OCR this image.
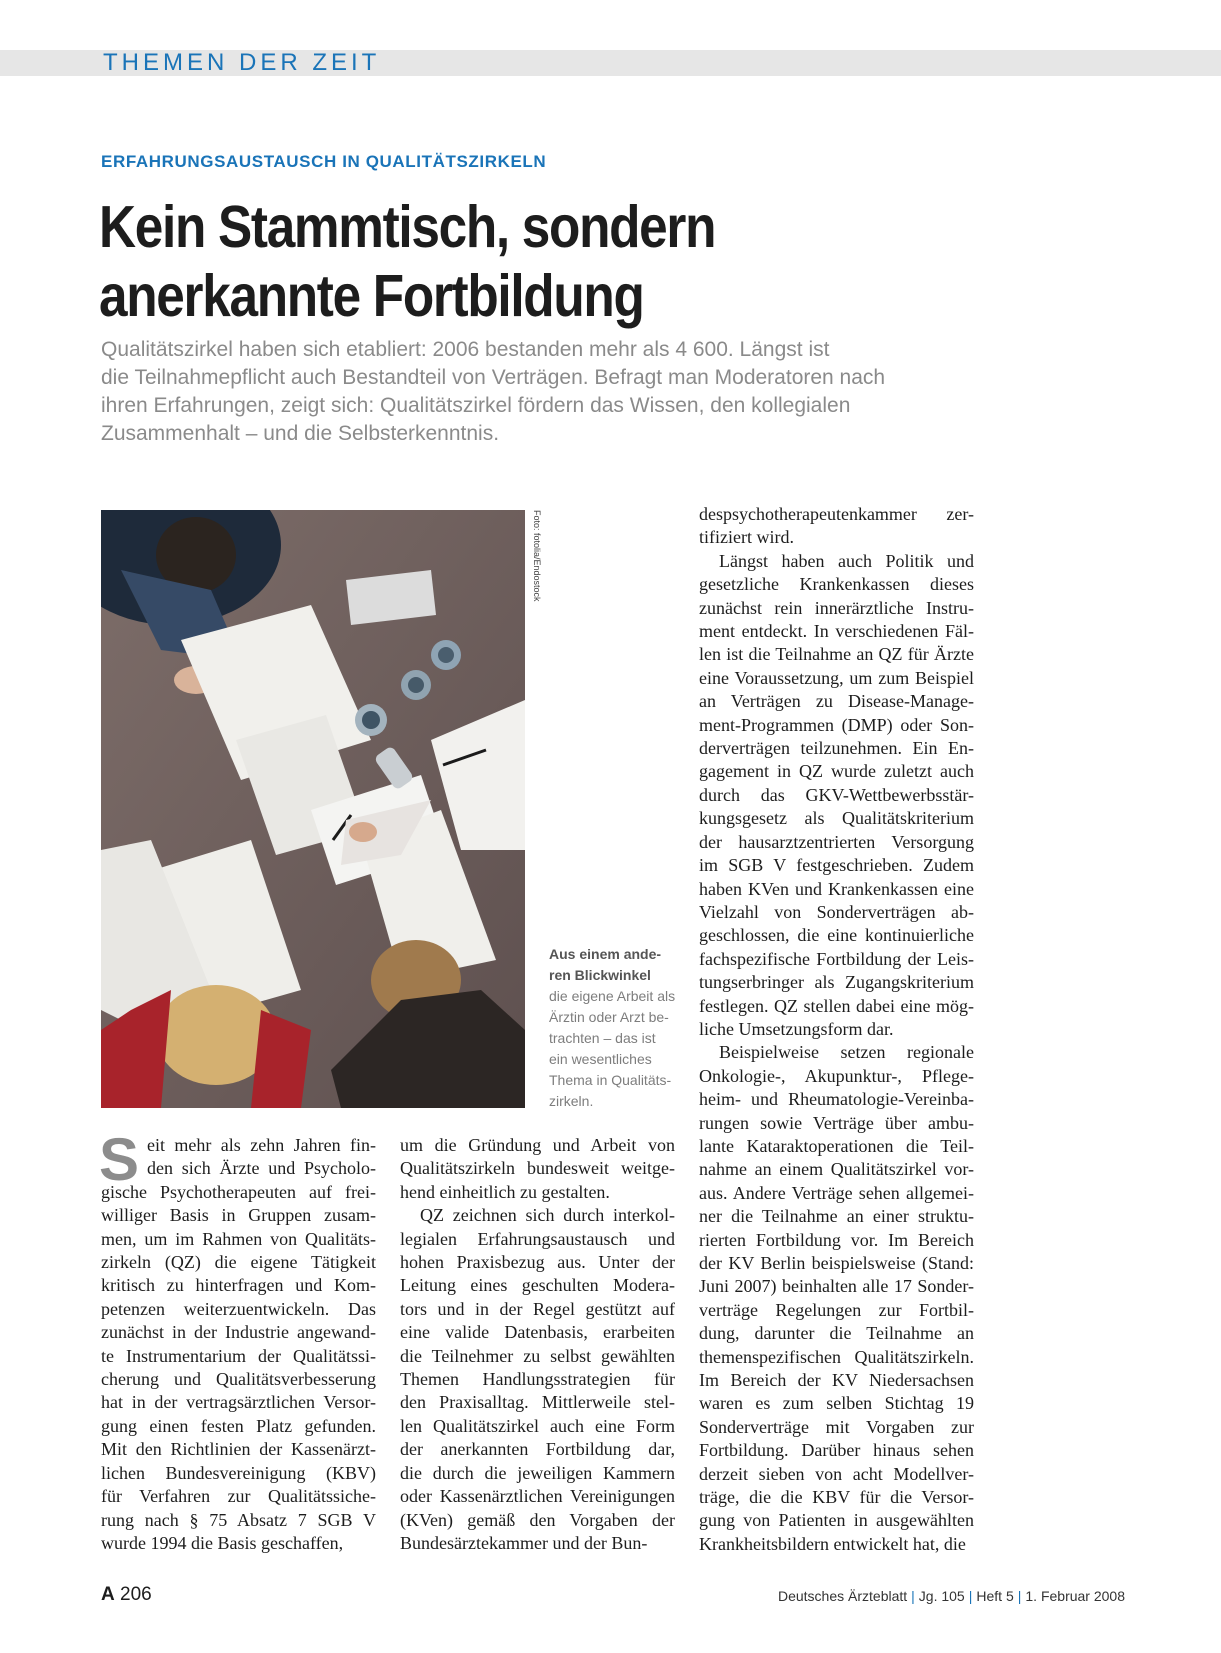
THEMEN DER ZEIT
ERFAHRUNGSAUSTAUSCH IN QUALITÄTSZIRKELN
Kein Stammtisch, sondern
anerkannte Fortbildung

Qualitätszirkel haben sich etabliert: 2006 bestanden mehr als 4 600. Längst ist
die Teilnahmepflicht auch Bestandteil von Verträgen. Befragt man Moderatoren nach
ihren Erfahrungen, zeigt sich: Qualitätszirkel fördern das Wissen, den kollegialen
Zusammenhalt – und die Selbsterkenntnis.

Foto: fotolia/Endostock
Aus einem ande-
ren Blickwinkel
die eigene Arbeit als
Ärztin oder Arzt be-
trachten – das ist
ein wesentliches
Thema in Qualitäts-
zirkeln.
S eit mehr als zehn Jahren fin-
den sich Ärzte und Psycholo-
gische Psychotherapeuten auf frei-
williger Basis in Gruppen zusam-
men, um im Rahmen von Qualitäts-
zirkeln (QZ) die eigene Tätigkeit
kritisch zu hinterfragen und Kom-
petenzen weiterzuentwickeln. Das
zunächst in der Industrie angewand-
te Instrumentarium der Qualitätssi-
cherung und Qualitätsverbesserung
hat in der vertragsärztlichen Versor-
gung einen festen Platz gefunden.
Mit den Richtlinien der Kassenärzt-
lichen Bundesvereinigung (KBV)
für Verfahren zur Qualitätssiche-
rung nach § 75 Absatz 7 SGB V
wurde 1994 die Basis geschaffen,
um die Gründung und Arbeit von
Qualitätszirkeln bundesweit weitge-
hend einheitlich zu gestalten.
QZ zeichnen sich durch interkol-
legialen Erfahrungsaustausch und
hohen Praxisbezug aus. Unter der
Leitung eines geschulten Modera-
tors und in der Regel gestützt auf
eine valide Datenbasis, erarbeiten
die Teilnehmer zu selbst gewählten
Themen Handlungsstrategien für
den Praxisalltag. Mittlerweile stel-
len Qualitätszirkel auch eine Form
der anerkannten Fortbildung dar,
die durch die jeweiligen Kammern
oder Kassenärztlichen Vereinigungen
(KVen) gemäß den Vorgaben der
Bundesärztekammer und der Bun-
despsychotherapeutenkammer zer-
tifiziert wird.
Längst haben auch Politik und
gesetzliche Krankenkassen dieses
zunächst rein innerärztliche Instru-
ment entdeckt. In verschiedenen Fäl-
len ist die Teilnahme an QZ für Ärzte
eine Voraussetzung, um zum Beispiel
an Verträgen zu Disease-Manage-
ment-Programmen (DMP) oder Son-
derverträgen teilzunehmen. Ein En-
gagement in QZ wurde zuletzt auch
durch das GKV-Wettbewerbsstär-
kungsgesetz als Qualitätskriterium
der hausarztzentrierten Versorgung
im SGB V festgeschrieben. Zudem
haben KVen und Krankenkassen eine
Vielzahl von Sonderverträgen ab-
geschlossen, die eine kontinuierliche
fachspezifische Fortbildung der Leis-
tungserbringer als Zugangskriterium
festlegen. QZ stellen dabei eine mög-
liche Umsetzungsform dar.
Beispielweise setzen regionale
Onkologie-, Akupunktur-, Pflege-
heim- und Rheumatologie-Vereinba-
rungen sowie Verträge über ambu-
lante Kataraktoperationen die Teil-
nahme an einem Qualitätszirkel vor-
aus. Andere Verträge sehen allgemei-
ner die Teilnahme an einer struktu-
rierten Fortbildung vor. Im Bereich
der KV Berlin beispielsweise (Stand:
Juni 2007) beinhalten alle 17 Sonder-
verträge Regelungen zur Fortbil-
dung, darunter die Teilnahme an
themenspezifischen Qualitätszirkeln.
Im Bereich der KV Niedersachsen
waren es zum selben Stichtag 19
Sonderverträge mit Vorgaben zur
Fortbildung. Darüber hinaus sehen
derzeit sieben von acht Modellver-
träge, die die KBV für die Versor-
gung von Patienten in ausgewählten
Krankheitsbildern entwickelt hat, die
A 206	Deutsches Ärzteblatt | Jg. 105 | Heft 5 | 1. Februar 2008
